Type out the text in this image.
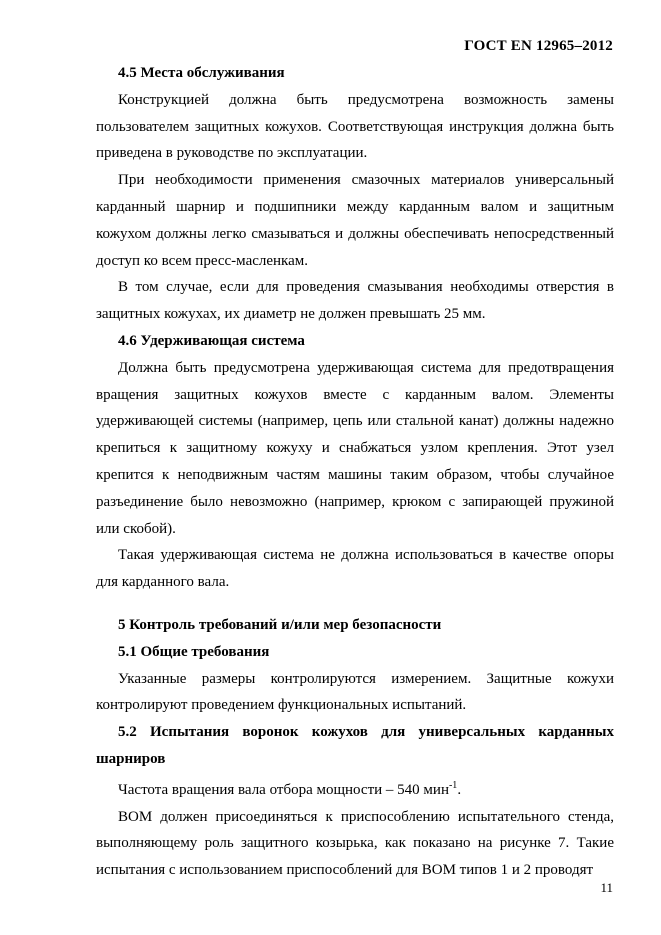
ГОСТ EN 12965–2012

4.5 Места обслуживания

Конструкцией должна быть предусмотрена возможность замены пользователем защитных кожухов. Соответствующая инструкция должна быть приведена в руководстве по эксплуатации.

При необходимости применения смазочных материалов универсальный карданный шарнир и подшипники между карданным валом и защитным кожухом должны легко смазываться и должны обеспечивать непосредственный доступ ко всем пресс-масленкам.

В том случае, если для проведения смазывания необходимы отверстия в защитных кожухах, их диаметр не должен превышать 25 мм.

4.6 Удерживающая система

Должна быть предусмотрена удерживающая система для предотвращения вращения защитных кожухов вместе с карданным валом. Элементы удерживающей системы (например, цепь или стальной канат) должны надежно крепиться к защитному кожуху и снабжаться узлом крепления. Этот узел крепится к неподвижным частям машины таким образом, чтобы случайное разъединение было невозможно (например, крюком с запирающей пружиной или скобой).

Такая удерживающая система не должна использоваться в качестве опоры для карданного вала.

5 Контроль требований и/или мер безопасности

5.1 Общие требования

Указанные размеры контролируются измерением. Защитные кожухи контролируют проведением функциональных испытаний.

5.2 Испытания воронок кожухов для универсальных карданных шарниров

Частота вращения вала отбора мощности – 540 мин$^{-1}$.

ВОМ должен присоединяться к приспособлению испытательного стенда, выполняющему роль защитного козырька, как показано на рисунке 7. Такие испытания с использованием приспособлений для ВОМ типов 1 и 2 проводят

11
